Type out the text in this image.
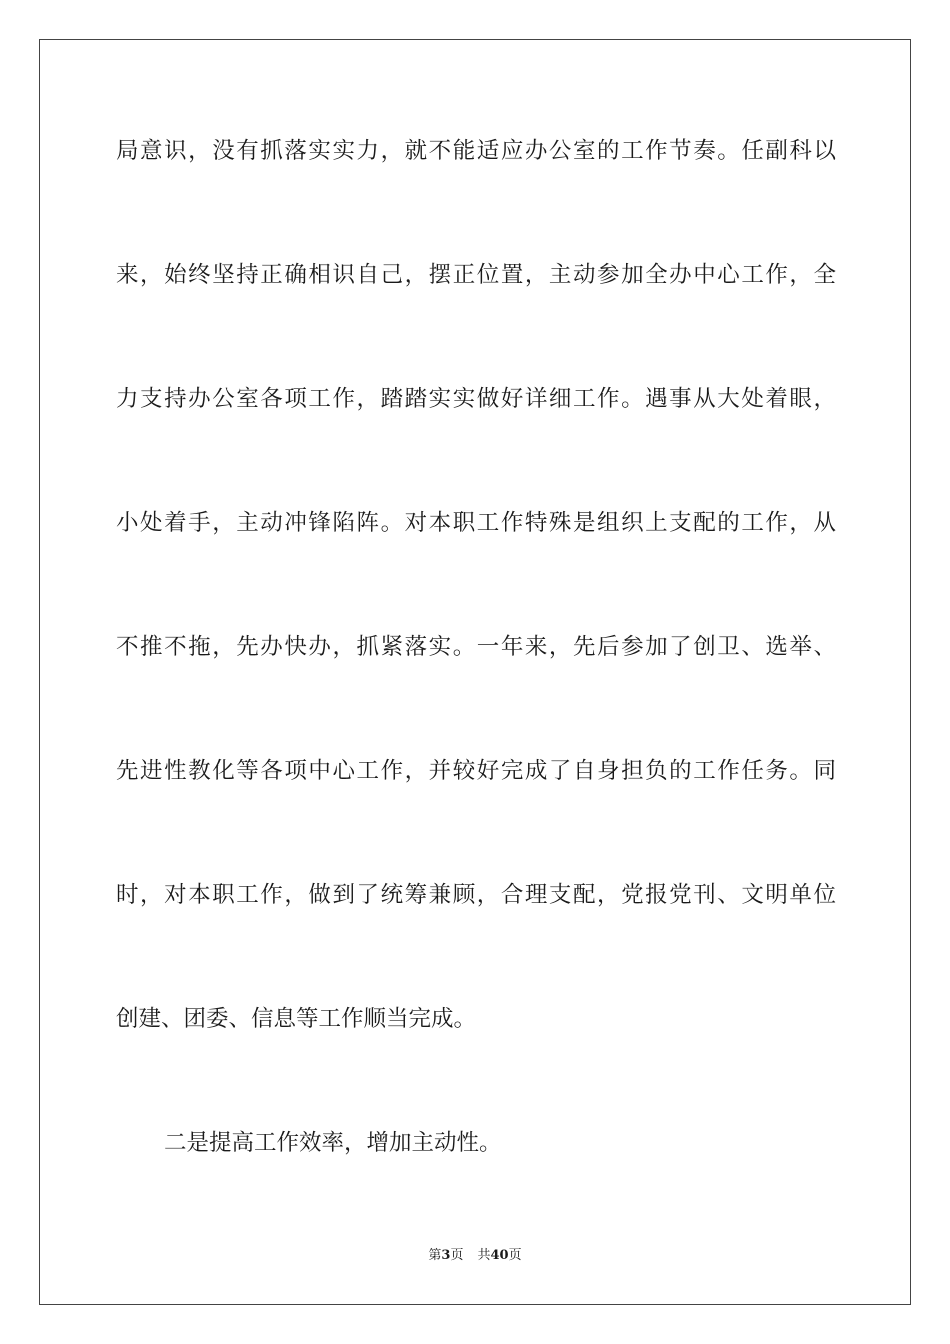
局意识，没有抓落实实力，就不能适应办公室的工作节奏。任副科以
来，始终坚持正确相识自己，摆正位置，主动参加全办中心工作，全
力支持办公室各项工作，踏踏实实做好详细工作。遇事从大处着眼，
小处着手，主动冲锋陷阵。对本职工作特殊是组织上支配的工作，从
不推不拖，先办快办，抓紧落实。一年来，先后参加了创卫、选举、
先进性教化等各项中心工作，并较好完成了自身担负的工作任务。同
时，对本职工作，做到了统筹兼顾，合理支配，党报党刊、文明单位
创建、团委、信息等工作顺当完成。
二是提高工作效率，增加主动性。
第3页 共40页
